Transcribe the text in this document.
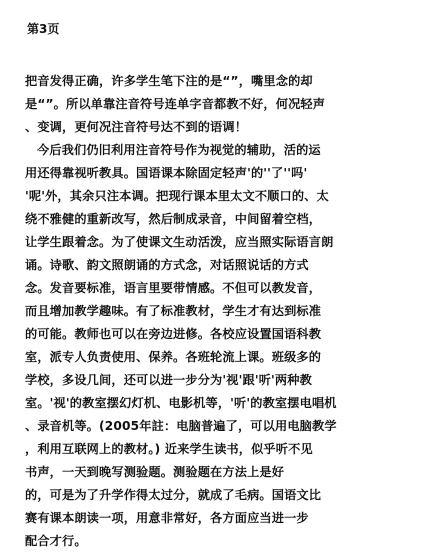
第3页
把音发得正确，许多学生笔下注的是“”，嘴里念的却
是“”。所以单靠注音符号连单字音都教不好，何况轻声
、变调，更何况注音符号达不到的语调！
今后我们仍旧利用注音符号作为视觉的辅助，活的运
用还得靠视听教具。国语课本除固定轻声'的''了''吗'
'呢'外，其余只注本调。把现行课本里太文不顺口的、太
绕不雅健的重新改写，然后制成录音，中间留着空档，
让学生跟着念。为了使课文生动活泼，应当照实际语言朗
诵。诗歌、韵文照朗诵的方式念，对话照说话的方式
念。发音要标准，语言里要带情感。不但可以教发音，
而且增加教学趣味。有了标准教材，学生才有达到标准
的可能。教师也可以在旁边进修。各校应设置国语科教
室，派专人负责使用、保养。各班轮流上课。班级多的
学校，多设几间，还可以进一步分为'视'跟'听'两种教
室。'视'的教室摆幻灯机、电影机等，'听'的教室摆电唱机
、录音机等。(2005年註：电脑普遍了，可以用电脑教学
，利用互联网上的教材。) 近来学生读书，似乎听不见
书声，一天到晚写测验题。测验题在方法上是好
的，可是为了升学作得太过分，就成了毛病。国语文比
赛有课本朗读一项，用意非常好，各方面应当进一步
配合才行。
